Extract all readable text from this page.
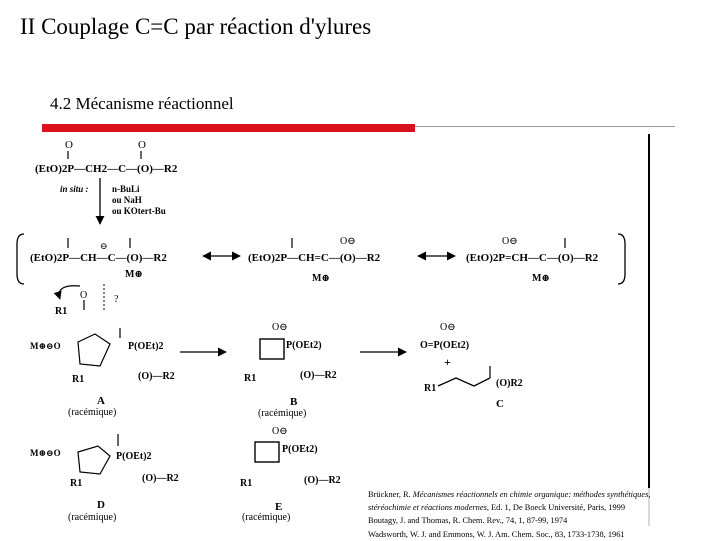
II Couplage C=C par réaction d'ylures
4.2 Mécanisme réactionnel
O	O
(EtO)2P—CH2—C—(O)—R2
in situ :	n-BuLi
ou NaH
ou KOtert-Bu
⊖
(EtO)2P—CH—C—(O)—R2
M⊕
O⊖
(EtO)2P—CH=C—(O)—R2
M⊕
O⊖
(EtO)2P=CH—C—(O)—R2
M⊕
O
R1
?
M⊕⊖O	P(OEt)2
(O)—R2
R1
A
(racémique)
O⊖
P(OEt2)
(O)—R2
R1
B
(racémique)
O⊖
O=P(OEt2)
+
(O)R2
R1
C
M⊕⊖O	P(OEt)2
(O)—R2
R1
D
(racémique)
O⊖
P(OEt2)
(O)—R2
R1
E
(racémique)
Brückner, R. Mécanismes réactionnels en chimie organique: méthodes synthétiques,
stéréochimie et réactions modernes, Ed. 1, De Boeck Université, Paris, 1999
Boutagy, J. and Thomas, R. Chem. Rev., 74, 1, 87-99, 1974
Wadsworth, W. J. and Emmons, W. J. Am. Chem. Soc., 83, 1733-1738, 1961
